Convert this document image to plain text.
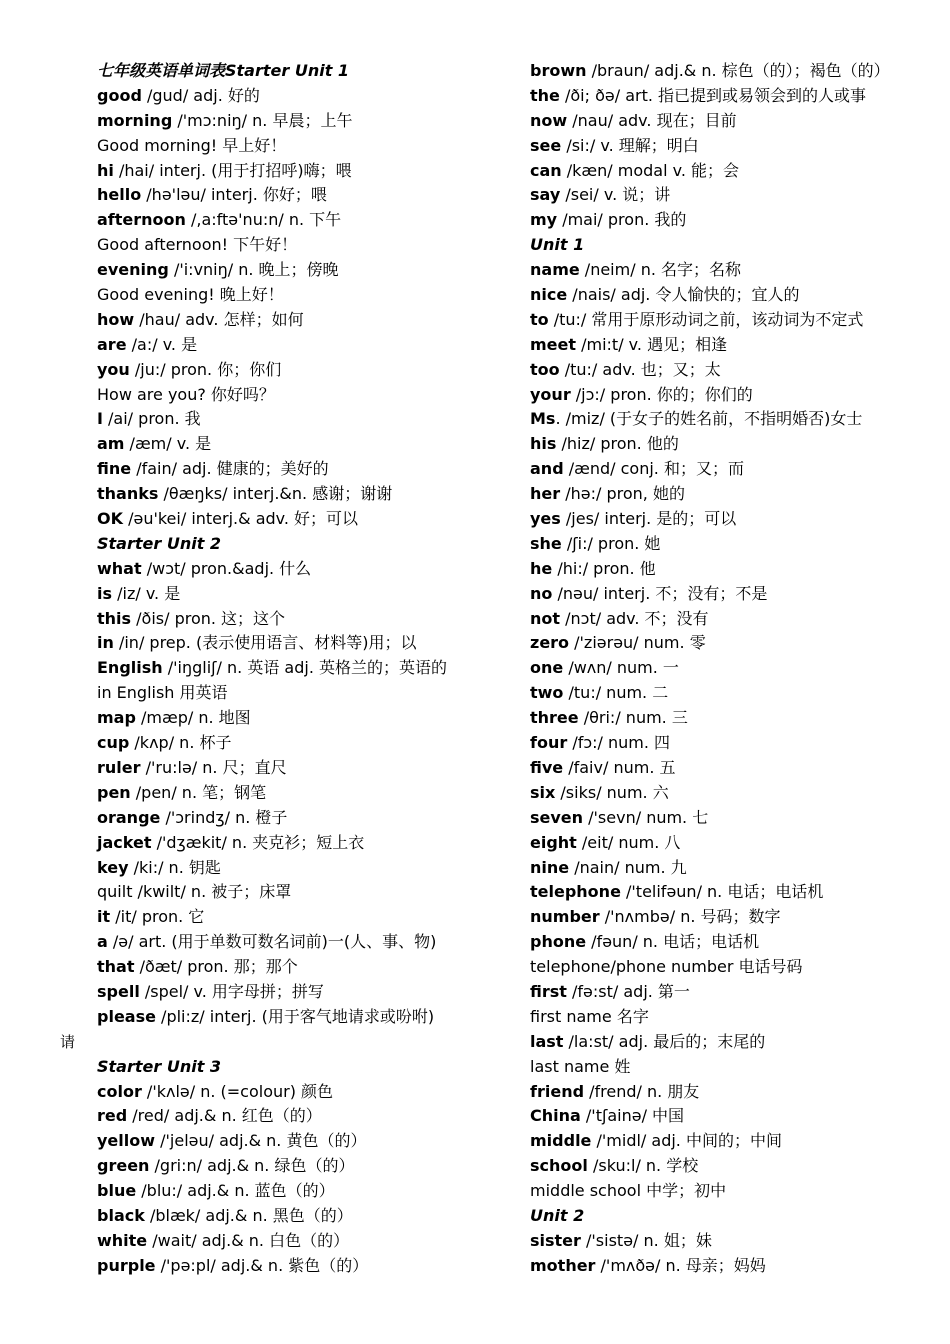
七年级英语单词表Starter Unit 1
good /gud/ adj. 好的
morning /'mɔ:niŋ/ n. 早晨；上午
Good morning! 早上好！
hi /hai/ interj. (用于打招呼)嗨；喂
hello /hə'ləu/ interj. 你好；喂
afternoon /,a:ftə'nu:n/ n. 下午
Good afternoon! 下午好！
evening /'i:vniŋ/ n. 晚上；傍晚
Good evening! 晚上好！
how /hau/ adv. 怎样；如何
are /a:/ v. 是
you /ju:/ pron. 你；你们
How are you? 你好吗？
I /ai/ pron. 我
am /æm/ v. 是
fine /fain/ adj. 健康的；美好的
thanks /θæŋks/ interj.&n. 感谢；谢谢
OK /əu'kei/ interj.& adv. 好；可以
Starter Unit 2
what /wɔt/ pron.&adj. 什么
is /iz/ v. 是
this /ðis/ pron. 这；这个
in /in/ prep. (表示使用语言、材料等)用；以
English /'iŋgliʃ/ n. 英语 adj. 英格兰的；英语的
in English 用英语
map /mæp/ n. 地图
cup /kʌp/ n. 杯子
ruler /'ru:lə/ n. 尺；直尺
pen /pen/ n. 笔；钢笔
orange /'ɔrindʒ/ n. 橙子
jacket /'dʒækit/ n. 夹克衫；短上衣
key /ki:/ n. 钥匙
quilt /kwilt/ n. 被子；床罩
it /it/ pron. 它
a /ə/ art. (用于单数可数名词前)一(人、事、物)
that /ðæt/ pron. 那；那个
spell /spel/ v. 用字母拼；拼写
please /pli:z/ interj. (用于客气地请求或吩咐)
Starter Unit 3
color /'kʌlə/ n. (=colour) 颜色
red /red/ adj.& n. 红色（的）
yellow /'jeləu/ adj.& n. 黄色（的）
green /gri:n/ adj.& n. 绿色（的）
blue /blu:/ adj.& n. 蓝色（的）
black /blæk/ adj.& n. 黑色（的）
white /wait/ adj.& n. 白色（的）
purple /'pə:pl/ adj.& n. 紫色（的）
brown /braun/ adj.& n. 棕色（的）；褐色（的）
the /ði; ðə/ art. 指已提到或易领会到的人或事
now /nau/ adv. 现在；目前
see /si:/ v. 理解；明白
can /kæn/ modal v. 能；会
say /sei/ v. 说；讲
my /mai/ pron. 我的
Unit 1
name /neim/ n. 名字；名称
nice /nais/ adj. 令人愉快的；宜人的
to /tu:/ 常用于原形动词之前，该动词为不定式
meet /mi:t/ v. 遇见；相逢
too /tu:/ adv. 也；又；太
your /jɔ:/ pron. 你的；你们的
Ms. /miz/ (于女子的姓名前，不指明婚否)女士
his /hiz/ pron. 他的
and /ænd/ conj. 和；又；而
her /hə:/ pron, 她的
yes /jes/ interj. 是的；可以
she /ʃi:/ pron. 她
he /hi:/ pron. 他
no /nəu/ interj. 不；没有；不是
not /nɔt/ adv. 不；没有
zero /'ziərəu/ num. 零
one /wʌn/ num. 一
two /tu:/ num. 二
three /θri:/ num. 三
four /fɔ:/ num. 四
five /faiv/ num. 五
six /siks/ num. 六
seven /'sevn/ num. 七
eight /eit/ num. 八
nine /nain/ num. 九
telephone /'telifəun/ n. 电话；电话机
number /'nʌmbə/ n. 号码；数字
phone /fəun/ n. 电话；电话机
telephone/phone number 电话号码
first /fə:st/ adj. 第一
first name 名字
last /la:st/ adj. 最后的；末尾的
last name 姓
friend /frend/ n. 朋友
China /'tʃainə/ 中国
middle /'midl/ adj. 中间的；中间
school /sku:l/ n. 学校
middle school 中学；初中
Unit 2
sister /'sistə/ n. 姐；妹
mother /'mʌðə/ n. 母亲；妈妈
请
